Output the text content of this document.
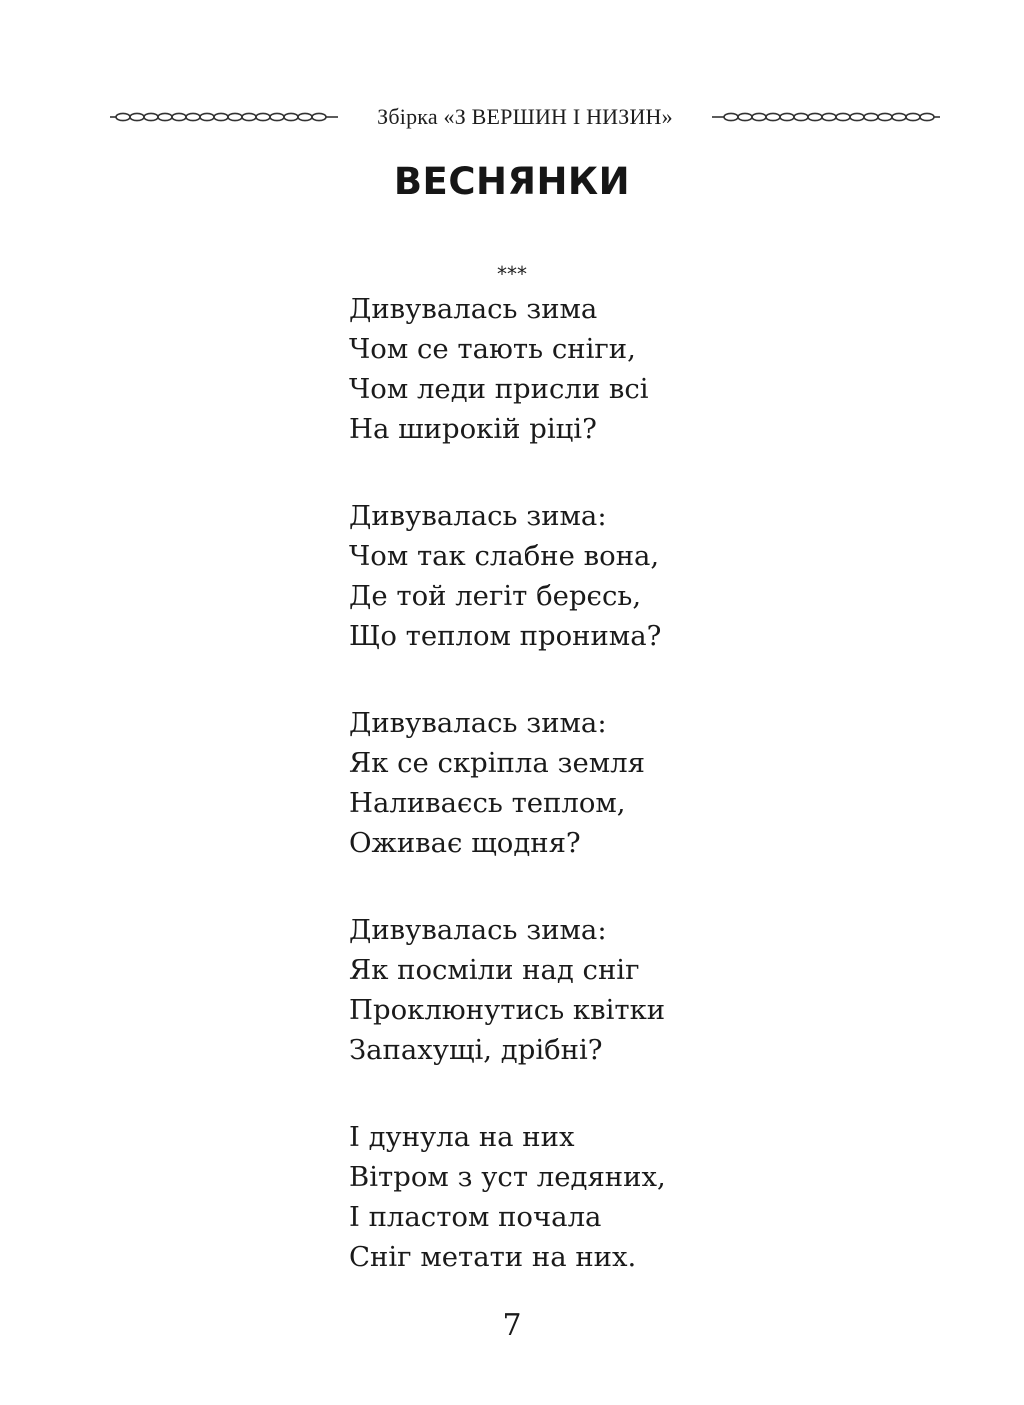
Збірка «З ВЕРШИН І НИЗИН»
ВЕСНЯНКИ
***
Дивувалась зима
Чом се тають сніги,
Чом леди присли всі
На широкій ріці?
Дивувалась зима:
Чом так слабне вона,
Де той легіт берєсь,
Що теплом пронима?
Дивувалась зима:
Як се скріпла земля
Наливаєсь теплом,
Оживає щодня?
Дивувалась зима:
Як посміли над сніг
Проклюнутись квітки
Запахущі, дрібні?
І дунула на них
Вітром з уст ледяних,
І пластом почала
Сніг метати на них.
7
